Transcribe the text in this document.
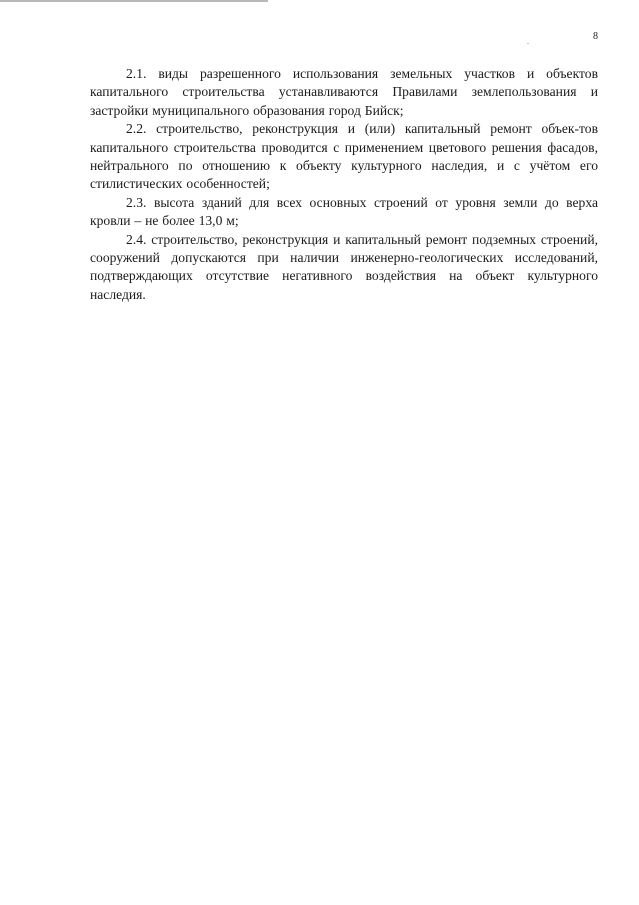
8

2.1. виды разрешенного использования земельных участков и объектов капитального строительства устанавливаются Правилами землепользования и застройки муниципального образования город Бийск;

2.2. строительство, реконструкция и (или) капитальный ремонт объек-тов капитального строительства проводится с применением цветового решения фасадов, нейтрального по отношению к объекту культурного наследия, и с учётом его стилистических особенностей;

2.3. высота зданий для всех основных строений от уровня земли до верха кровли – не более 13,0 м;

2.4. строительство, реконструкция и капитальный ремонт подземных строений, сооружений допускаются при наличии инженерно-геологических исследований, подтверждающих отсутствие негативного воздействия на объект культурного наследия.
